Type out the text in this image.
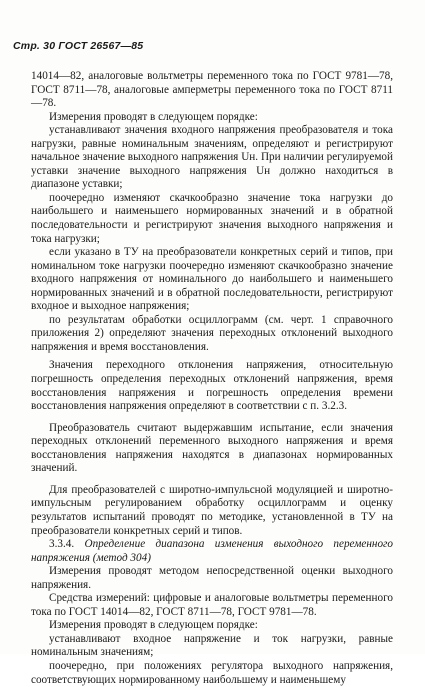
Стр. 30 ГОСТ 26567—85

14014—82, аналоговые вольтметры переменного тока по ГОСТ 9781—78, ГОСТ 8711—78, аналоговые амперметры переменного тока по ГОСТ 8711—78.

Измерения проводят в следующем порядке:

устанавливают значения входного напряжения преобразователя и тока нагрузки, равные номинальным значениям, определяют и регистрируют начальное значение выходного напряжения Uн. При наличии регулируемой уставки значение выходного напряжения Uн должно находиться в диапазоне уставки;

поочередно изменяют скачкообразно значение тока нагрузки до наибольшего и наименьшего нормированных значений и в обратной последовательности и регистрируют значения выходного напряжения и тока нагрузки;

если указано в ТУ на преобразователи конкретных серий и типов, при номинальном токе нагрузки поочередно изменяют скачкообразно значение входного напряжения от номинального до наибольшего и наименьшего нормированных значений и в обратной последовательности, регистрируют входное и выходное напряжения;

по результатам обработки осциллограмм (см. черт. 1 справочного приложения 2) определяют значения переходных отклонений выходного напряжения и время восстановления.

Значения переходного отклонения напряжения, относительную погрешность определения переходных отклонений напряжения, время восстановления напряжения и погрешность определения времени восстановления напряжения определяют в соответствии с п. 3.2.3.

Преобразователь считают выдержавшим испытание, если значения переходных отклонений переменного выходного напряжения и время восстановления напряжения находятся в диапазонах нормированных значений.

Для преобразователей с широтно-импульсной модуляцией и широтно-импульсным регулированием обработку осциллограмм и оценку результатов испытаний проводят по методике, установленной в ТУ на преобразователи конкретных серий и типов.

3.3.4. Определение диапазона изменения выходного переменного напряжения (метод 304)

Измерения проводят методом непосредственной оценки выходного напряжения.

Средства измерений: цифровые и аналоговые вольтметры переменного тока по ГОСТ 14014—82, ГОСТ 8711—78, ГОСТ 9781—78.

Измерения проводят в следующем порядке:

устанавливают входное напряжение и ток нагрузки, равные номинальным значениям;

поочередно, при положениях регулятора выходного напряжения, соответствующих нормированному наибольшему и наименьшему
